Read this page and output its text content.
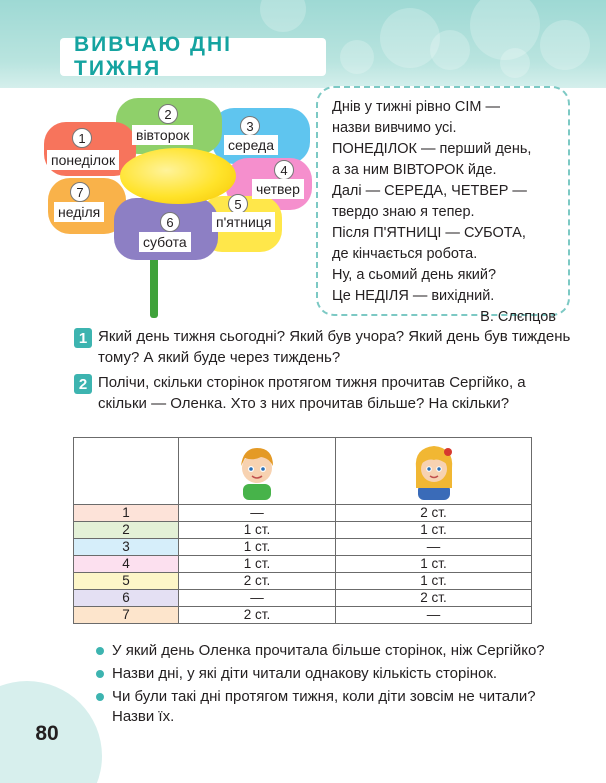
ВИВЧАЮ ДНІ ТИЖНЯ
1
понеділок
2
вівторок
3
середа
4
четвер
5
п'ятниця
6
субота
7
неділя
Днів у тижні рівно СІМ —
назви вивчимо усі.
ПОНЕДІЛОК — перший день,
а за ним ВІВТОРОК йде.
Далі — СЕРЕДА, ЧЕТВЕР —
твердо знаю я тепер.
Після П'ЯТНИЦІ — СУБОТА,
де кінчається робота.
Ну, а сьомий день який?
Це НЕДІЛЯ — вихідний.
В. Слєпцов
1 Який день тижня сьогодні? Який був учора? Який день був тиждень тому? А який буде через тиждень?
2 Полічи, скільки сторінок протягом тижня прочитав Сергійко, а скільки — Оленка. Хто з них прочитав більше? На скільки?

1	—	2 ст.
2	1 ст.	1 ст.
3	1 ст.	—
4	1 ст.	1 ст.
5	2 ст.	1 ст.
6	—	2 ст.
7	2 ст.	—
У який день Оленка прочитала більше сторінок, ніж Сергійко?
Назви дні, у які діти читали однакову кількість сторінок.
Чи були такі дні протягом тижня, коли діти зовсім не читали? Назви їх.
80
